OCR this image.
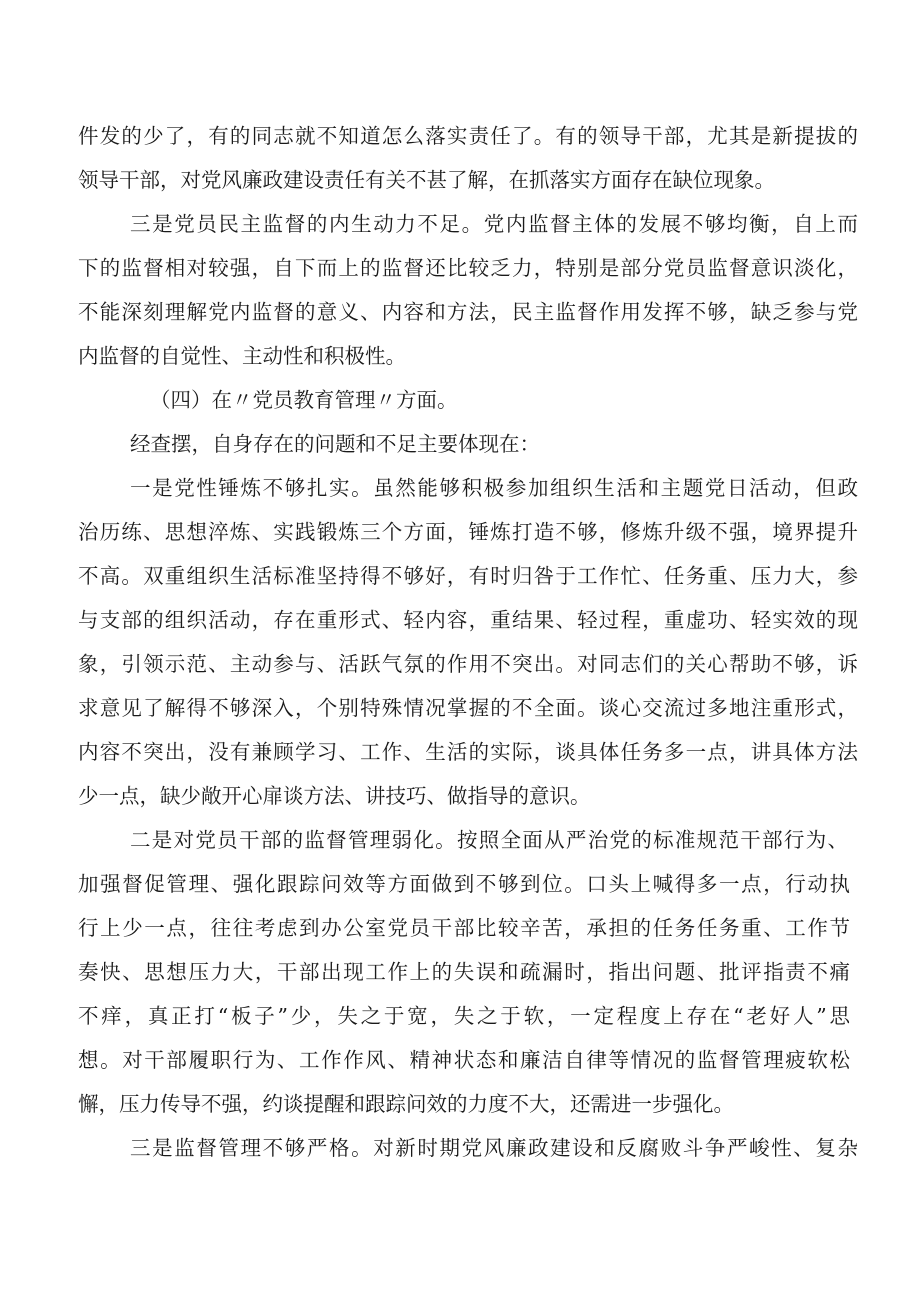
件发的少了，有的同志就不知道怎么落实责任了。有的领导干部，尤其是新提拔的
领导干部，对党风廉政建设责任有关不甚了解，在抓落实方面存在缺位现象。
三是党员民主监督的内生动力不足。党内监督主体的发展不够均衡，自上而
下的监督相对较强，自下而上的监督还比较乏力，特别是部分党员监督意识淡化，
不能深刻理解党内监督的意义、内容和方法，民主监督作用发挥不够，缺乏参与党
内监督的自觉性、主动性和积极性。
（四）在〃党员教育管理〃方面。
经查摆，自身存在的问题和不足主要体现在：
一是党性锤炼不够扎实。虽然能够积极参加组织生活和主题党日活动，但政
治历练、思想淬炼、实践锻炼三个方面，锤炼打造不够，修炼升级不强，境界提升
不高。双重组织生活标准坚持得不够好，有时归咎于工作忙、任务重、压力大，参
与支部的组织活动，存在重形式、轻内容，重结果、轻过程，重虚功、轻实效的现
象，引领示范、主动参与、活跃气氛的作用不突出。对同志们的关心帮助不够，诉
求意见了解得不够深入，个别特殊情况掌握的不全面。谈心交流过多地注重形式，
内容不突出，没有兼顾学习、工作、生活的实际，谈具体任务多一点，讲具体方法
少一点，缺少敞开心扉谈方法、讲技巧、做指导的意识。
二是对党员干部的监督管理弱化。按照全面从严治党的标准规范干部行为、
加强督促管理、强化跟踪问效等方面做到不够到位。口头上喊得多一点，行动执
行上少一点，往往考虑到办公室党员干部比较辛苦，承担的任务任务重、工作节
奏快、思想压力大，干部出现工作上的失误和疏漏时，指出问题、批评指责不痛
不痒，真正打“板子”少，失之于宽，失之于软，一定程度上存在“老好人”思
想。对干部履职行为、工作作风、精神状态和廉洁自律等情况的监督管理疲软松
懈，压力传导不强，约谈提醒和跟踪问效的力度不大，还需进一步强化。
三是监督管理不够严格。对新时期党风廉政建设和反腐败斗争严峻性、复杂
